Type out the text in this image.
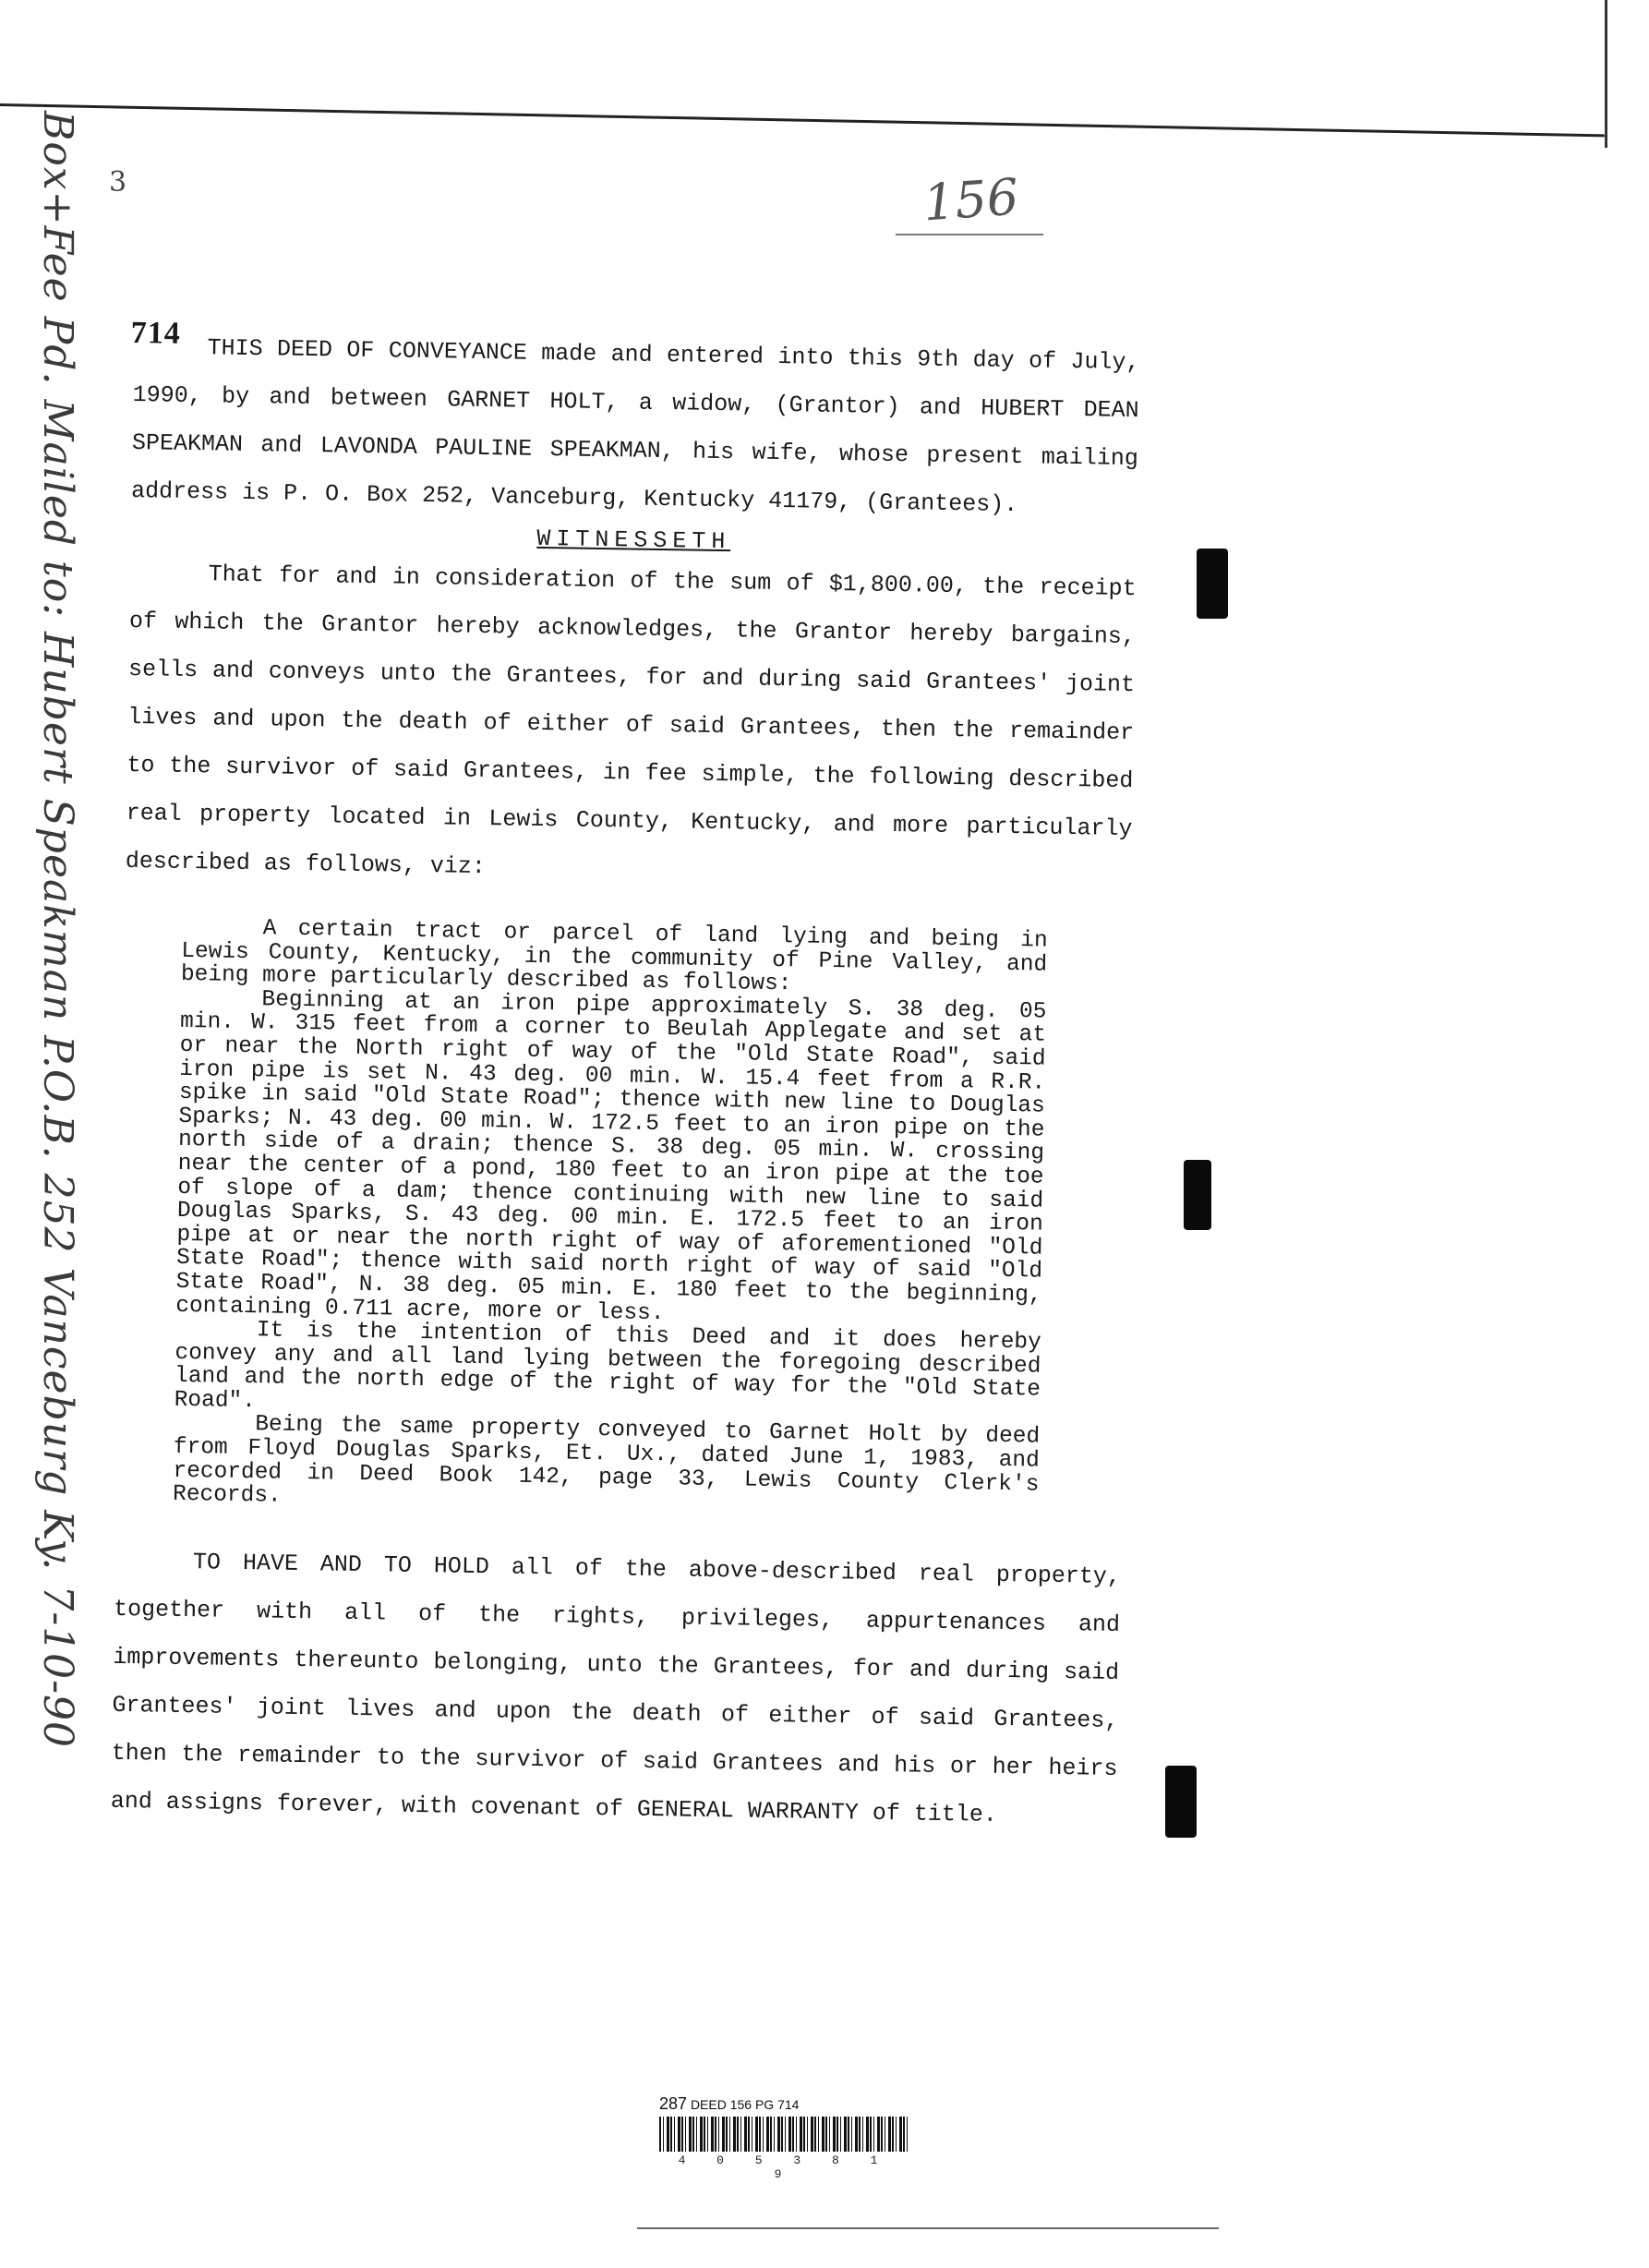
3	156
Box+Fee Pd. Mailed to: Hubert Speakman P.O.B. 252 Vanceburg Ky. 7-10-90 714
THIS DEED OF CONVEYANCE made and entered into this 9th day of July, 1990, by and between GARNET HOLT, a widow, (Grantor) and HUBERT DEAN SPEAKMAN and LAVONDA PAULINE SPEAKMAN, his wife, whose present mailing address is P. O. Box 252, Vanceburg, Kentucky 41179, (Grantees).
WITNESSETH
That for and in consideration of the sum of $1,800.00, the receipt of which the Grantor hereby acknowledges, the Grantor hereby bargains, sells and conveys unto the Grantees, for and during said Grantees' joint lives and upon the death of either of said Grantees, then the remainder to the survivor of said Grantees, in fee simple, the following described real property located in Lewis County, Kentucky, and more particularly described as follows, viz:

A certain tract or parcel of land lying and being in Lewis County, Kentucky, in the community of Pine Valley, and being more particularly described as follows:

Beginning at an iron pipe approximately S. 38 deg. 05 min. W. 315 feet from a corner to Beulah Applegate and set at or near the North right of way of the "Old State Road", said iron pipe is set N. 43 deg. 00 min. W. 15.4 feet from a R.R. spike in said "Old State Road"; thence with new line to Douglas Sparks; N. 43 deg. 00 min. W. 172.5 feet to an iron pipe on the north side of a drain; thence S. 38 deg. 05 min. W. crossing near the center of a pond, 180 feet to an iron pipe at the toe of slope of a dam; thence continuing with new line to said Douglas Sparks, S. 43 deg. 00 min. E. 172.5 feet to an iron pipe at or near the north right of way of aforementioned "Old State Road"; thence with said north right of way of said "Old State Road", N. 38 deg. 05 min. E. 180 feet to the beginning, containing 0.711 acre, more or less.

It is the intention of this Deed and it does hereby convey any and all land lying between the foregoing described land and the north edge of the right of way for the "Old State Road".

Being the same property conveyed to Garnet Holt by deed from Floyd Douglas Sparks, Et. Ux., dated June 1, 1983, and recorded in Deed Book 142, page 33, Lewis County Clerk's Records.

TO HAVE AND TO HOLD all of the above-described real property, together with all of the rights, privileges, appurtenances and improvements thereunto belonging, unto the Grantees, for and during said Grantees' joint lives and upon the death of either of said Grantees, then the remainder to the survivor of said Grantees and his or her heirs and assigns forever, with covenant of GENERAL WARRANTY of title.
287 DEED 156 PG 714
4 0 5 3 8 1 9
